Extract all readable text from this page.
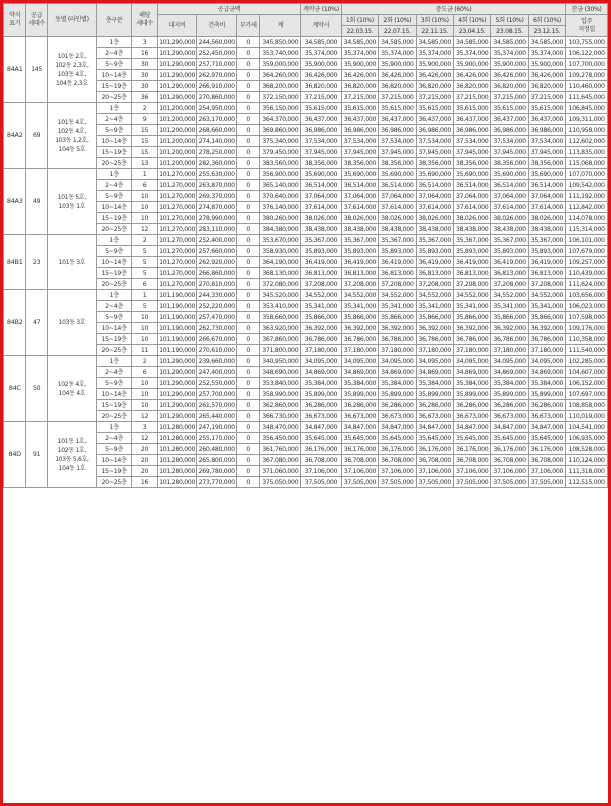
약식
표기	공급
세대수	동별 (라인별)	층구분	해당
세대수	공급금액				계약금 (10%)	중도금 (60%)						잔금 (30%)
					대지비	건축비	부가세	계	계약시	1회 (10%)	2회 (10%)	3회 (10%)	4회 (10%)	5회 (10%)	6회 (10%)	입주
지정일
										22.03.15.	22.07.15.	22.11.15.	23.04.15.	23.08.15.	23.12.15.	
84A1	145	101동 2호,
102동 2,3호,
103동 4호,
104동 2,3호	1층	3	101,290,000	244,560,000	0	345,850,000	34,585,000	34,585,000	34,585,000	34,585,000	34,585,000	34,585,000	34,585,000	103,755,000
			2~4층	16	101,290,000	252,450,000	0	353,740,000	35,374,000	35,374,000	35,374,000	35,374,000	35,374,000	35,374,000	35,374,000	106,122,000
			5~9층	30	101,290,000	257,710,000	0	359,000,000	35,900,000	35,900,000	35,900,000	35,900,000	35,900,000	35,900,000	35,900,000	107,700,000
			10~14층	30	101,290,000	262,970,000	0	364,260,000	36,426,000	36,426,000	36,426,000	36,426,000	36,426,000	36,426,000	36,426,000	109,278,000
			15~19층	30	101,290,000	266,910,000	0	368,200,000	36,820,000	36,820,000	36,820,000	36,820,000	36,820,000	36,820,000	36,820,000	110,460,000
			20~25층	36	101,290,000	270,860,000	0	372,150,000	37,215,000	37,215,000	37,215,000	37,215,000	37,215,000	37,215,000	37,215,000	111,645,000
84A2	69	101동 4호,
102동 4호,
103동 1,2호,
104동 5호	1층	2	101,200,000	254,950,000	0	356,150,000	35,615,000	35,615,000	35,615,000	35,615,000	35,615,000	35,615,000	35,615,000	106,845,000
			2~4층	9	101,200,000	263,170,000	0	364,370,000	36,437,000	36,437,000	36,437,000	36,437,000	36,437,000	36,437,000	36,437,000	109,311,000
			5~9층	15	101,200,000	268,660,000	0	369,860,000	36,986,000	36,986,000	36,986,000	36,986,000	36,986,000	36,986,000	36,986,000	110,958,000
			10~14층	15	101,200,000	274,140,000	0	375,340,000	37,534,000	37,534,000	37,534,000	37,534,000	37,534,000	37,534,000	37,534,000	112,602,000
			15~19층	15	101,200,000	278,250,000	0	379,450,000	37,945,000	37,945,000	37,945,000	37,945,000	37,945,000	37,945,000	37,945,000	113,835,000
			20~25층	13	101,200,000	282,360,000	0	383,560,000	38,356,000	38,356,000	38,356,000	38,356,000	38,356,000	38,356,000	38,356,000	115,068,000
84A3	49	101동 5호,
103동 1호	1층	1	101,270,000	255,630,000	0	356,900,000	35,690,000	35,690,000	35,690,000	35,690,000	35,690,000	35,690,000	35,690,000	107,070,000
			2~4층	6	101,270,000	263,870,000	0	365,140,000	36,514,000	36,514,000	36,514,000	36,514,000	36,514,000	36,514,000	36,514,000	109,542,000
			5~9층	10	101,270,000	269,370,000	0	370,640,000	37,064,000	37,064,000	37,064,000	37,064,000	37,064,000	37,064,000	37,064,000	111,192,000
			10~14층	10	101,270,000	274,870,000	0	376,140,000	37,614,000	37,614,000	37,614,000	37,614,000	37,614,000	37,614,000	37,614,000	112,842,000
			15~19층	10	101,270,000	278,990,000	0	380,260,000	38,026,000	38,026,000	38,026,000	38,026,000	38,026,000	38,026,000	38,026,000	114,078,000
			20~25층	12	101,270,000	283,110,000	0	384,380,000	38,438,000	38,438,000	38,438,000	38,438,000	38,438,000	38,438,000	38,438,000	115,314,000
84B1	23	101동 3호	1층	2	101,270,000	252,400,000	0	353,670,000	35,367,000	35,367,000	35,367,000	35,367,000	35,367,000	35,367,000	35,367,000	106,101,000
			5~9층	5	101,270,000	257,660,000	0	358,930,000	35,893,000	35,893,000	35,893,000	35,893,000	35,893,000	35,893,000	35,893,000	107,679,000
			10~14층	5	101,270,000	262,920,000	0	364,190,000	36,419,000	36,419,000	36,419,000	36,419,000	36,419,000	36,419,000	36,419,000	109,257,000
			15~19층	5	101,270,000	266,860,000	0	368,130,000	36,813,000	36,813,000	36,813,000	36,813,000	36,813,000	36,813,000	36,813,000	110,439,000
			20~25층	6	101,270,000	270,810,000	0	372,080,000	37,208,000	37,208,000	37,208,000	37,208,000	37,208,000	37,208,000	37,208,000	111,624,000
84B2	47	103동 3호	1층	1	101,190,000	244,330,000	0	345,520,000	34,552,000	34,552,000	34,552,000	34,552,000	34,552,000	34,552,000	34,552,000	103,656,000
			2~4층	5	101,190,000	252,220,000	0	353,410,000	35,341,000	35,341,000	35,341,000	35,341,000	35,341,000	35,341,000	35,341,000	106,023,000
			5~9층	10	101,190,000	257,470,000	0	358,660,000	35,866,000	35,866,000	35,866,000	35,866,000	35,866,000	35,866,000	35,866,000	107,598,000
			10~14층	10	101,190,000	262,730,000	0	363,920,000	36,392,000	36,392,000	36,392,000	36,392,000	36,392,000	36,392,000	36,392,000	109,176,000
			15~19층	10	101,190,000	266,670,000	0	367,860,000	36,786,000	36,786,000	36,786,000	36,786,000	36,786,000	36,786,000	36,786,000	110,358,000
			20~25층	11	101,190,000	270,610,000	0	371,800,000	37,180,000	37,180,000	37,180,000	37,180,000	37,180,000	37,180,000	37,180,000	111,540,000
84C	50	102동 4호,
104동 4호	1층	2	101,290,000	239,660,000	0	340,950,000	34,095,000	34,095,000	34,095,000	34,095,000	34,095,000	34,095,000	34,095,000	102,285,000
			2~4층	6	101,290,000	247,400,000	0	348,690,000	34,869,000	34,869,000	34,869,000	34,869,000	34,869,000	34,869,000	34,869,000	104,607,000
			5~9층	10	101,290,000	252,550,000	0	353,840,000	35,384,000	35,384,000	35,384,000	35,384,000	35,384,000	35,384,000	35,384,000	106,152,000
			10~14층	10	101,290,000	257,700,000	0	358,990,000	35,899,000	35,899,000	35,899,000	35,899,000	35,899,000	35,899,000	35,899,000	107,697,000
			15~19층	10	101,290,000	261,570,000	0	362,860,000	36,286,000	36,286,000	36,286,000	36,286,000	36,286,000	36,286,000	36,286,000	108,858,000
			20~25층	12	101,290,000	265,440,000	0	366,730,000	36,673,000	36,673,000	36,673,000	36,673,000	36,673,000	36,673,000	36,673,000	110,019,000
84D	91	101동 1호,
102동 1호,
103동 5,6호,
104동 1호	1층	3	101,280,000	247,190,000	0	348,470,000	34,847,000	34,847,000	34,847,000	34,847,000	34,847,000	34,847,000	34,847,000	104,541,000
			2~4층	12	101,280,000	255,170,000	0	356,450,000	35,645,000	35,645,000	35,645,000	35,645,000	35,645,000	35,645,000	35,645,000	106,935,000
			5~9층	20	101,280,000	260,480,000	0	361,760,000	36,176,000	36,176,000	36,176,000	36,176,000	36,176,000	36,176,000	36,176,000	108,528,000
			10~14층	20	101,280,000	265,800,000	0	367,080,000	36,708,000	36,708,000	36,708,000	36,708,000	36,708,000	36,708,000	36,708,000	110,124,000
			15~19층	20	101,280,000	269,780,000	0	371,060,000	37,106,000	37,106,000	37,106,000	37,106,000	37,106,000	37,106,000	37,106,000	111,318,000
			20~25층	16	101,280,000	273,770,000	0	375,050,000	37,505,000	37,505,000	37,505,000	37,505,000	37,505,000	37,505,000	37,505,000	112,515,000
